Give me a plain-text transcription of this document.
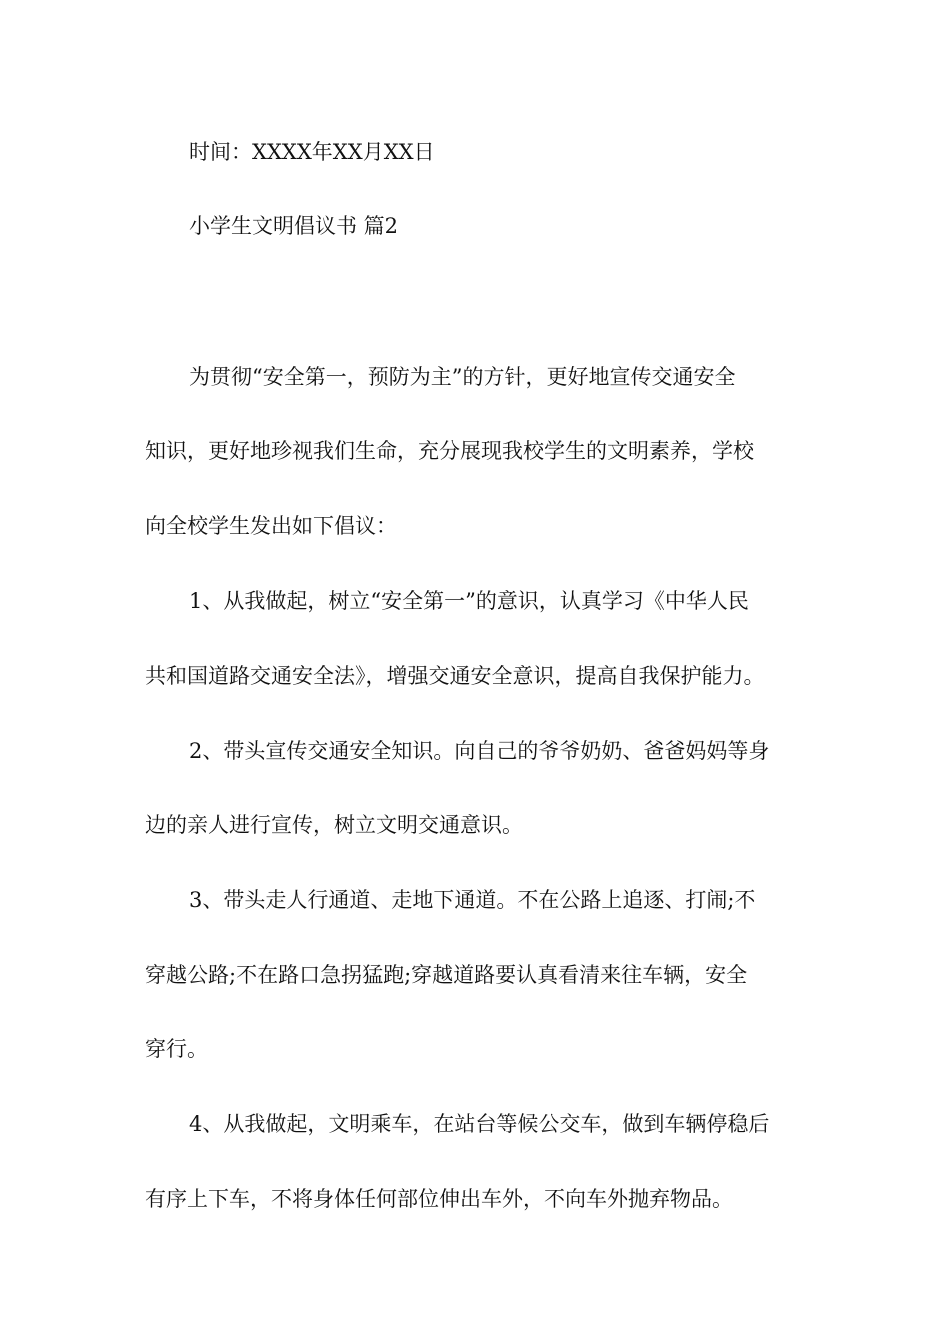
时间：XXXX年XX月XX日
小学生文明倡议书 篇2
为贯彻“安全第一，预防为主”的方针，更好地宣传交通安全
知识，更好地珍视我们生命，充分展现我校学生的文明素养，学校
向全校学生发出如下倡议：
1、从我做起，树立“安全第一”的意识，认真学习《中华人民
共和国道路交通安全法》，增强交通安全意识，提高自我保护能力。
2、带头宣传交通安全知识。向自己的爷爷奶奶、爸爸妈妈等身
边的亲人进行宣传，树立文明交通意识。
3、带头走人行通道、走地下通道。不在公路上追逐、打闹;不
穿越公路;不在路口急拐猛跑;穿越道路要认真看清来往车辆，安全
穿行。
4、从我做起，文明乘车，在站台等候公交车，做到车辆停稳后
有序上下车，不将身体任何部位伸出车外，不向车外抛弃物品。
